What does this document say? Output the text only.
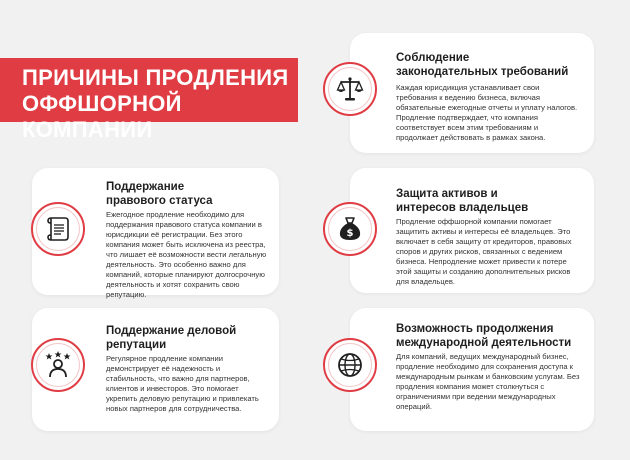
ПРИЧИНЫ ПРОДЛЕНИЯ
ОФФШОРНОЙ КОМПАНИИ
Соблюдение
законодательных требований
Каждая юрисдикция устанавливает свои требования к ведению бизнеса, включая обязательные ежегодные отчеты и уплату налогов. Продление подтверждает, что компания соответствует всем этим требованиям и продолжает действовать в рамках закона.
Поддержание
правового статуса
Ежегодное продление необходимо для поддержания правового статуса компании в юрисдикции её регистрации. Без этого компания может быть исключена из реестра, что лишает её возможности вести легальную деятельность. Это особенно важно для компаний, которые планируют долгосрочную деятельность и хотят сохранить свою репутацию.
Защита активов и
интересов владельцев
Продление оффшорной компании помогает защитить активы и интересы её владельцев. Это включает в себя защиту от кредиторов, правовых споров и других рисков, связанных с ведением бизнеса. Непродление может привести к потере этой защиты и созданию дополнительных рисков для владельцев.
$
Поддержание деловой
репутации
Регулярное продление компании демонстрирует её надежность и стабильность, что важно для партнеров, клиентов и инвесторов. Это помогает укрепить деловую репутацию и привлекать новых партнеров для сотрудничества.
Возможность продолжения
международной деятельности
Для компаний, ведущих международный бизнес, продление необходимо для сохранения доступа к международным рынкам и банковским услугам. Без продления компания может столкнуться с ограничениями при ведении международных операций.
